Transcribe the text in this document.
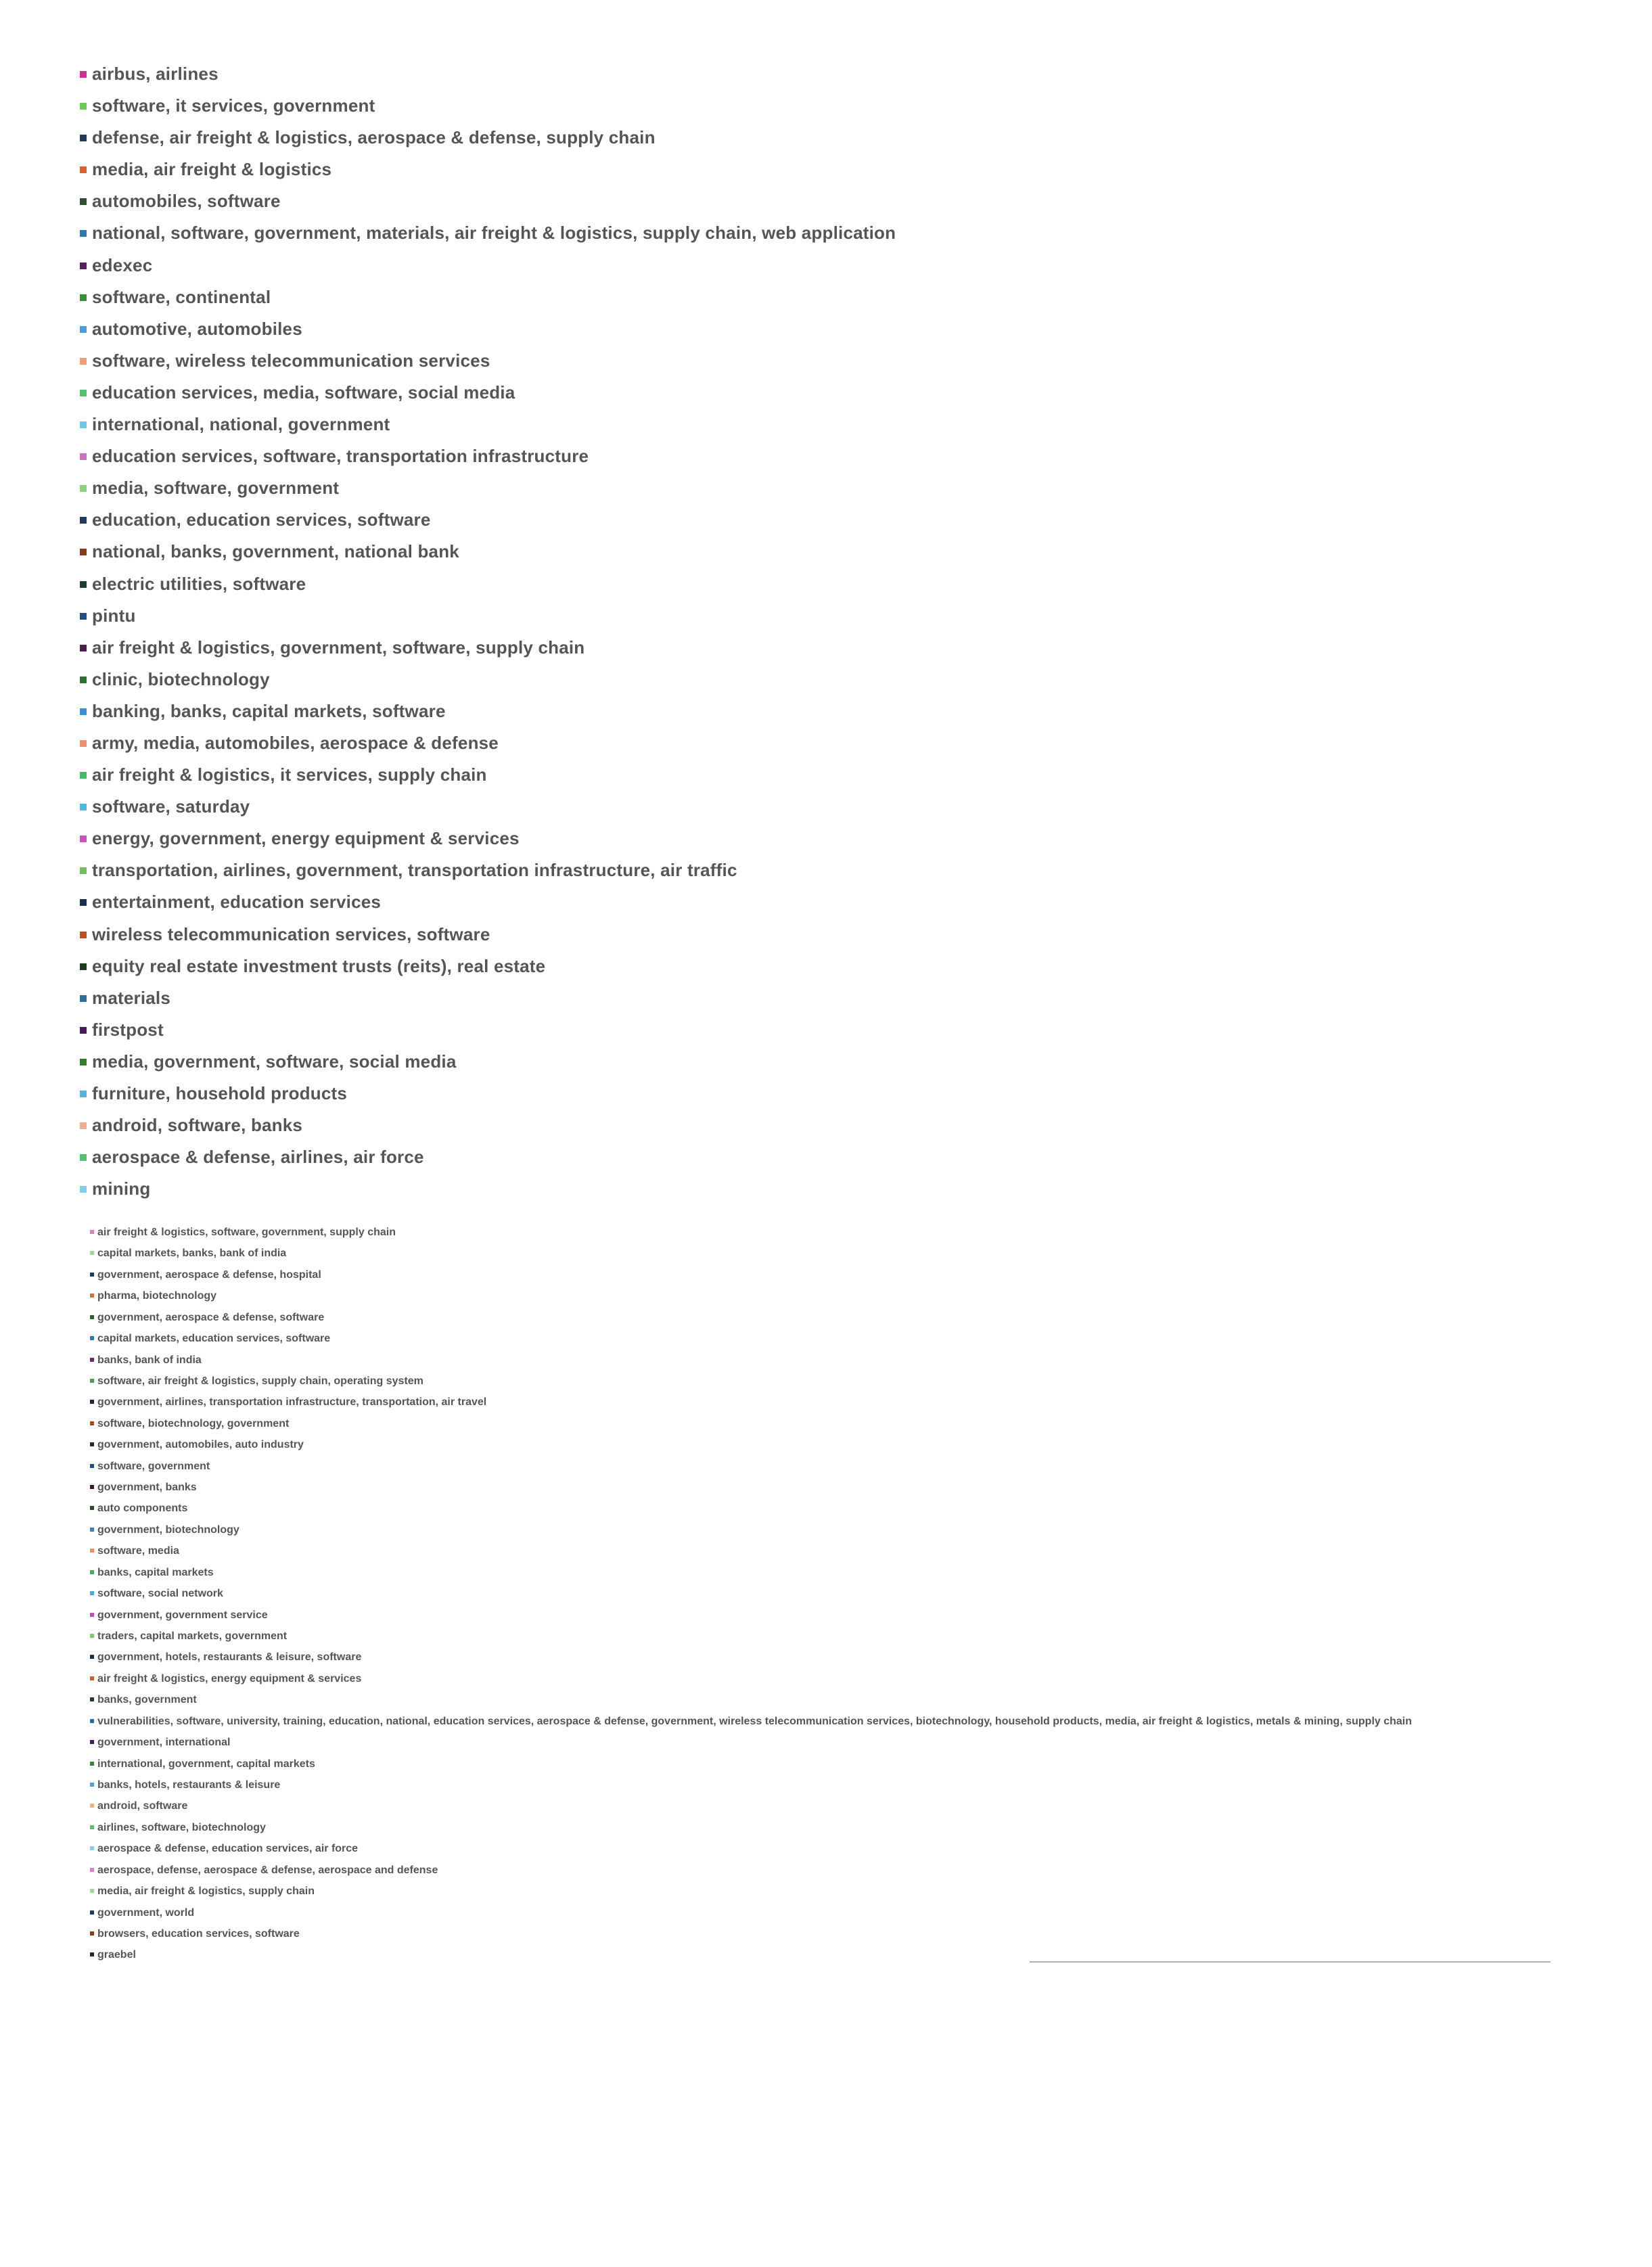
airbus, airlines
software, it services, government
defense, air freight & logistics, aerospace & defense, supply chain
media, air freight & logistics
automobiles, software
national, software, government, materials, air freight & logistics, supply chain, web application
edexec
software, continental
automotive, automobiles
software, wireless telecommunication services
education services, media, software, social media
international, national, government
education services, software, transportation infrastructure
media, software, government
education, education services, software
national, banks, government, national bank
electric utilities, software
pintu
air freight & logistics, government, software, supply chain
clinic, biotechnology
banking, banks, capital markets, software
army, media, automobiles, aerospace & defense
air freight & logistics, it services, supply chain
software, saturday
energy, government, energy equipment & services
transportation, airlines, government, transportation infrastructure, air traffic
entertainment, education services
wireless telecommunication services, software
equity real estate investment trusts (reits), real estate
materials
firstpost
media, government, software, social media
furniture, household products
android, software, banks
aerospace & defense, airlines, air force
mining
air freight & logistics, software, government, supply chain
capital markets, banks, bank of india
government, aerospace & defense, hospital
pharma, biotechnology
government, aerospace & defense, software
capital markets, education services, software
banks, bank of india
software, air freight & logistics, supply chain, operating system
government, airlines, transportation infrastructure, transportation, air travel
software, biotechnology, government
government, automobiles, auto industry
software, government
government, banks
auto components
government, biotechnology
software, media
banks, capital markets
software, social network
government, government service
traders, capital markets, government
government, hotels, restaurants & leisure, software
air freight & logistics, energy equipment & services
banks, government
vulnerabilities, software, university, training, education, national, education services, aerospace & defense, government, wireless telecommunication services, biotechnology, household products, media, air freight & logistics, metals & mining, supply chain
government, international
international, government, capital markets
banks, hotels, restaurants & leisure
android, software
airlines, software, biotechnology
aerospace & defense, education services, air force
aerospace, defense, aerospace & defense, aerospace and defense
media, air freight & logistics, supply chain
government, world
browsers, education services, software
graebel
